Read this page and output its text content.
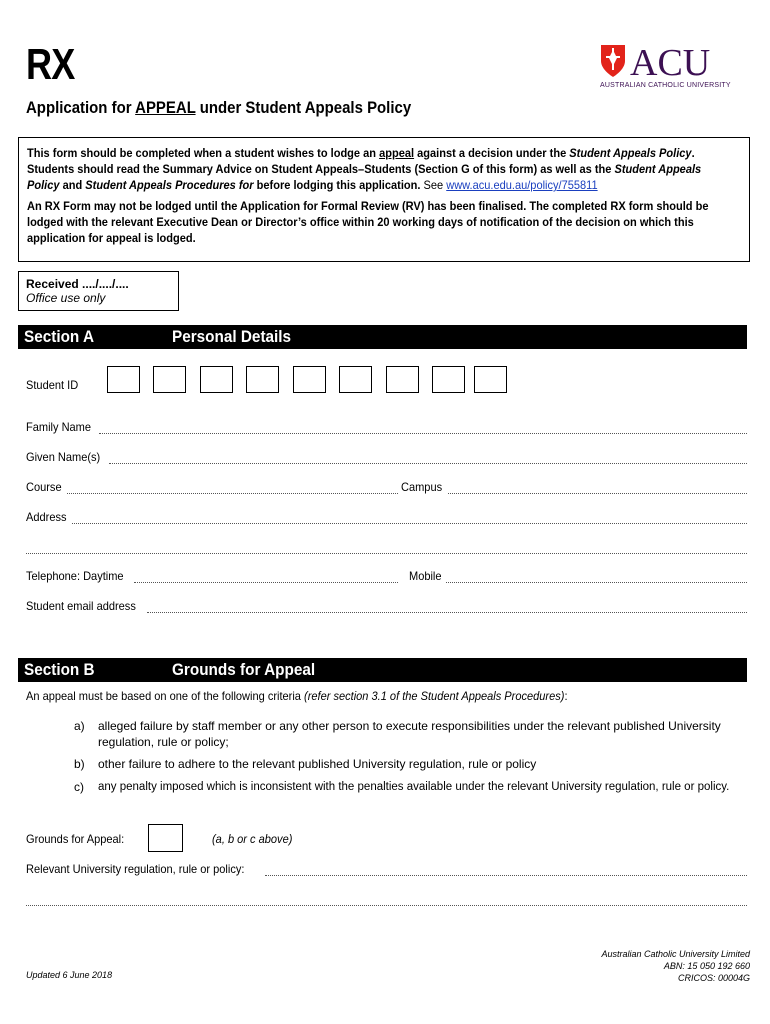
RX	ACU
AUSTRALIAN CATHOLIC UNIVERSITY
Application for APPEAL under Student Appeals Policy

This form should be completed when a student wishes to lodge an appeal against a decision under the Student Appeals Policy. Students should read the Summary Advice on Student Appeals–Students (Section G of this form) as well as the Student Appeals Policy and Student Appeals Procedures for before lodging this application. See www.acu.edu.au/policy/755811

An RX Form may not be lodged until the Application for Formal Review (RV) has been finalised. The completed RX form should be lodged with the relevant Executive Dean or Director’s office within 20 working days of notification of the decision on which this application for appeal is lodged.

Received ..../..../....
Office use only
Section A	Personal Details
Student ID
Family Name
Given Name(s)
Course	Campus
Address
Telephone: Daytime	Mobile
Student email address
Section B	Grounds for Appeal
An appeal must be based on one of the following criteria (refer section 3.1 of the Student Appeals Procedures):
a) alleged failure by staff member or any other person to execute responsibilities under the relevant published University regulation, rule or policy;
b) other failure to adhere to the relevant published University regulation, rule or policy
c) any penalty imposed which is inconsistent with the penalties available under the relevant University regulation, rule or policy.
Grounds for Appeal:	(a, b or c above)
Relevant University regulation, rule or policy:
Australian Catholic University Limited
ABN: 15 050 192 660
CRICOS: 00004G
Updated 6 June 2018
